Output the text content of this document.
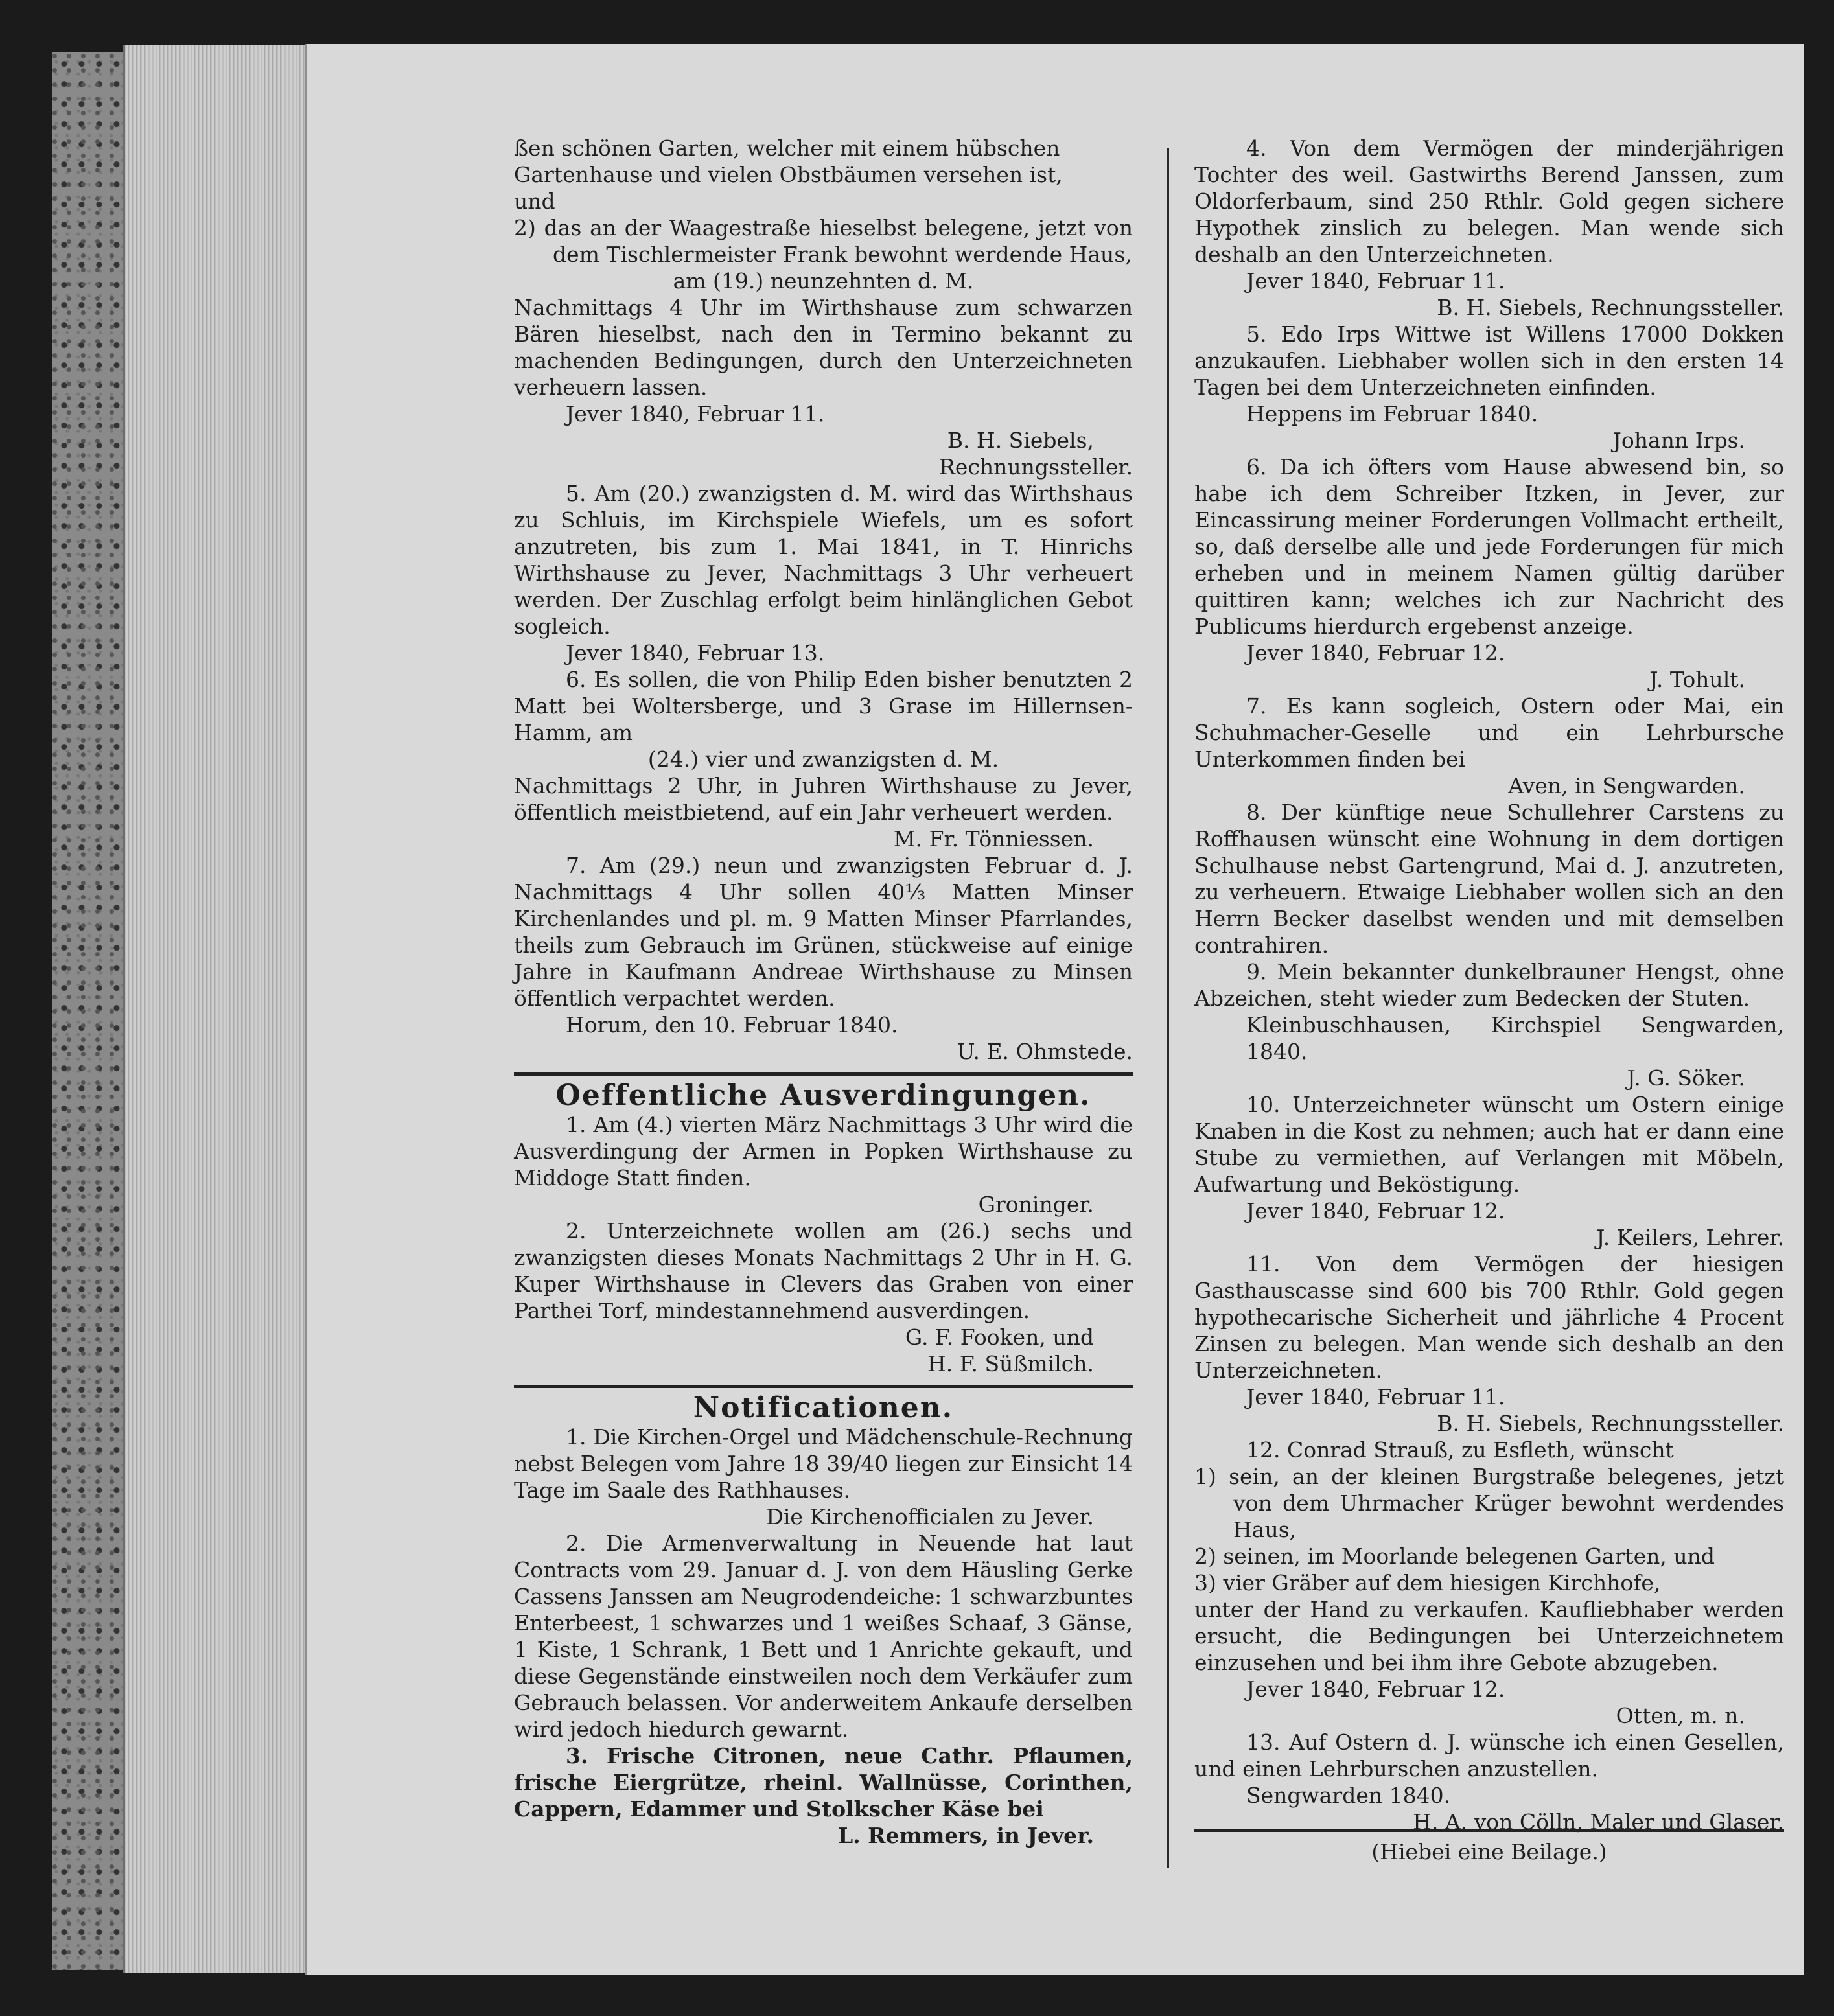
ßen schönen Garten, welcher mit einem hübschen

Gartenhause und vielen Obstbäumen versehen ist,

und

2) das an der Waagestraße hieselbst belegene, jetzt von dem Tischlermeister Frank bewohnt werdende Haus,

am (19.) neunzehnten d. M.

Nachmittags 4 Uhr im Wirthshause zum schwarzen Bären hieselbst, nach den in Termino bekannt zu machenden Bedingungen, durch den Unterzeichneten verheuern lassen.

Jever 1840, Februar 11.

B. H. Siebels,

Rechnungssteller.

5. Am (20.) zwanzigsten d. M. wird das Wirthshaus zu Schluis, im Kirchspiele Wiefels, um es sofort anzutreten, bis zum 1. Mai 1841, in T. Hinrichs Wirthshause zu Jever, Nachmittags 3 Uhr verheuert werden. Der Zuschlag erfolgt beim hinlänglichen Gebot sogleich.

Jever 1840, Februar 13.

6. Es sollen, die von Philip Eden bisher benutzten 2 Matt bei Woltersberge, und 3 Grase im Hillernsen-Hamm, am

(24.) vier und zwanzigsten d. M.

Nachmittags 2 Uhr, in Juhren Wirthshause zu Jever, öffentlich meistbietend, auf ein Jahr verheuert werden.

M. Fr. Tönniessen.

7. Am (29.) neun und zwanzigsten Februar d. J. Nachmittags 4 Uhr sollen 40⅓ Matten Minser Kirchenlandes und pl. m. 9 Matten Minser Pfarrlandes, theils zum Gebrauch im Grünen, stückweise auf einige Jahre in Kaufmann Andreae Wirthshause zu Minsen öffentlich verpachtet werden.

Horum, den 10. Februar 1840.

U. E. Ohmstede.

Oeffentliche Ausverdingungen.

1. Am (4.) vierten März Nachmittags 3 Uhr wird die Ausverdingung der Armen in Popken Wirthshause zu Middoge Statt finden.

Groninger.

2. Unterzeichnete wollen am (26.) sechs und zwanzigsten dieses Monats Nachmittags 2 Uhr in H. G. Kuper Wirthshause in Clevers das Graben von einer Parthei Torf, mindestannehmend ausverdingen.

G. F. Fooken, und

H. F. Süßmilch.

Notificationen.

1. Die Kirchen-Orgel und Mädchenschule-Rechnung nebst Belegen vom Jahre 18 39/40 liegen zur Einsicht 14 Tage im Saale des Rathhauses.

Die Kirchenofficialen zu Jever.

2. Die Armenverwaltung in Neuende hat laut Contracts vom 29. Januar d. J. von dem Häusling Gerke Cassens Janssen am Neugrodendeiche: 1 schwarzbuntes Enterbeest, 1 schwarzes und 1 weißes Schaaf, 3 Gänse, 1 Kiste, 1 Schrank, 1 Bett und 1 Anrichte gekauft, und diese Gegenstände einstweilen noch dem Verkäufer zum Gebrauch belassen. Vor anderweitem Ankaufe derselben wird jedoch hiedurch gewarnt.

3. Frische Citronen, neue Cathr. Pflaumen, frische Eiergrütze, rheinl. Wallnüsse, Corinthen, Cappern, Edammer und Stolkscher Käse bei

L. Remmers, in Jever.

4. Von dem Vermögen der minderjährigen Tochter des weil. Gastwirths Berend Janssen, zum Oldorferbaum, sind 250 Rthlr. Gold gegen sichere Hypothek zinslich zu belegen. Man wende sich deshalb an den Unterzeichneten.

Jever 1840, Februar 11.

B. H. Siebels, Rechnungssteller.

5. Edo Irps Wittwe ist Willens 17000 Dokken anzukaufen. Liebhaber wollen sich in den ersten 14 Tagen bei dem Unterzeichneten einfinden.

Heppens im Februar 1840.

Johann Irps.

6. Da ich öfters vom Hause abwesend bin, so habe ich dem Schreiber Itzken, in Jever, zur Eincassirung meiner Forderungen Vollmacht ertheilt, so, daß derselbe alle und jede Forderungen für mich erheben und in meinem Namen gültig darüber quittiren kann; welches ich zur Nachricht des Publicums hierdurch ergebenst anzeige.

Jever 1840, Februar 12.

J. Tohult.

7. Es kann sogleich, Ostern oder Mai, ein Schuhmacher-Geselle und ein Lehrbursche Unterkommen finden bei

Aven, in Sengwarden.

8. Der künftige neue Schullehrer Carstens zu Roffhausen wünscht eine Wohnung in dem dortigen Schulhause nebst Gartengrund, Mai d. J. anzutreten, zu verheuern. Etwaige Liebhaber wollen sich an den Herrn Becker daselbst wenden und mit demselben contrahiren.

9. Mein bekannter dunkelbrauner Hengst, ohne Abzeichen, steht wieder zum Bedecken der Stuten.

Kleinbuschhausen, Kirchspiel Sengwarden, 1840.

J. G. Söker.

10. Unterzeichneter wünscht um Ostern einige Knaben in die Kost zu nehmen; auch hat er dann eine Stube zu vermiethen, auf Verlangen mit Möbeln, Aufwartung und Beköstigung.

Jever 1840, Februar 12.

J. Keilers, Lehrer.

11. Von dem Vermögen der hiesigen Gasthauscasse sind 600 bis 700 Rthlr. Gold gegen hypothecarische Sicherheit und jährliche 4 Procent Zinsen zu belegen. Man wende sich deshalb an den Unterzeichneten.

Jever 1840, Februar 11.

B. H. Siebels, Rechnungssteller.

12. Conrad Strauß, zu Esfleth, wünscht

1) sein, an der kleinen Burgstraße belegenes, jetzt von dem Uhrmacher Krüger bewohnt werdendes Haus,

2) seinen, im Moorlande belegenen Garten, und

3) vier Gräber auf dem hiesigen Kirchhofe,

unter der Hand zu verkaufen. Kaufliebhaber werden ersucht, die Bedingungen bei Unterzeichnetem einzusehen und bei ihm ihre Gebote abzugeben.

Jever 1840, Februar 12.

Otten, m. n.

13. Auf Ostern d. J. wünsche ich einen Gesellen, und einen Lehrburschen anzustellen.

Sengwarden 1840.

H. A. von Cölln, Maler und Glaser.

(Hiebei eine Beilage.)
